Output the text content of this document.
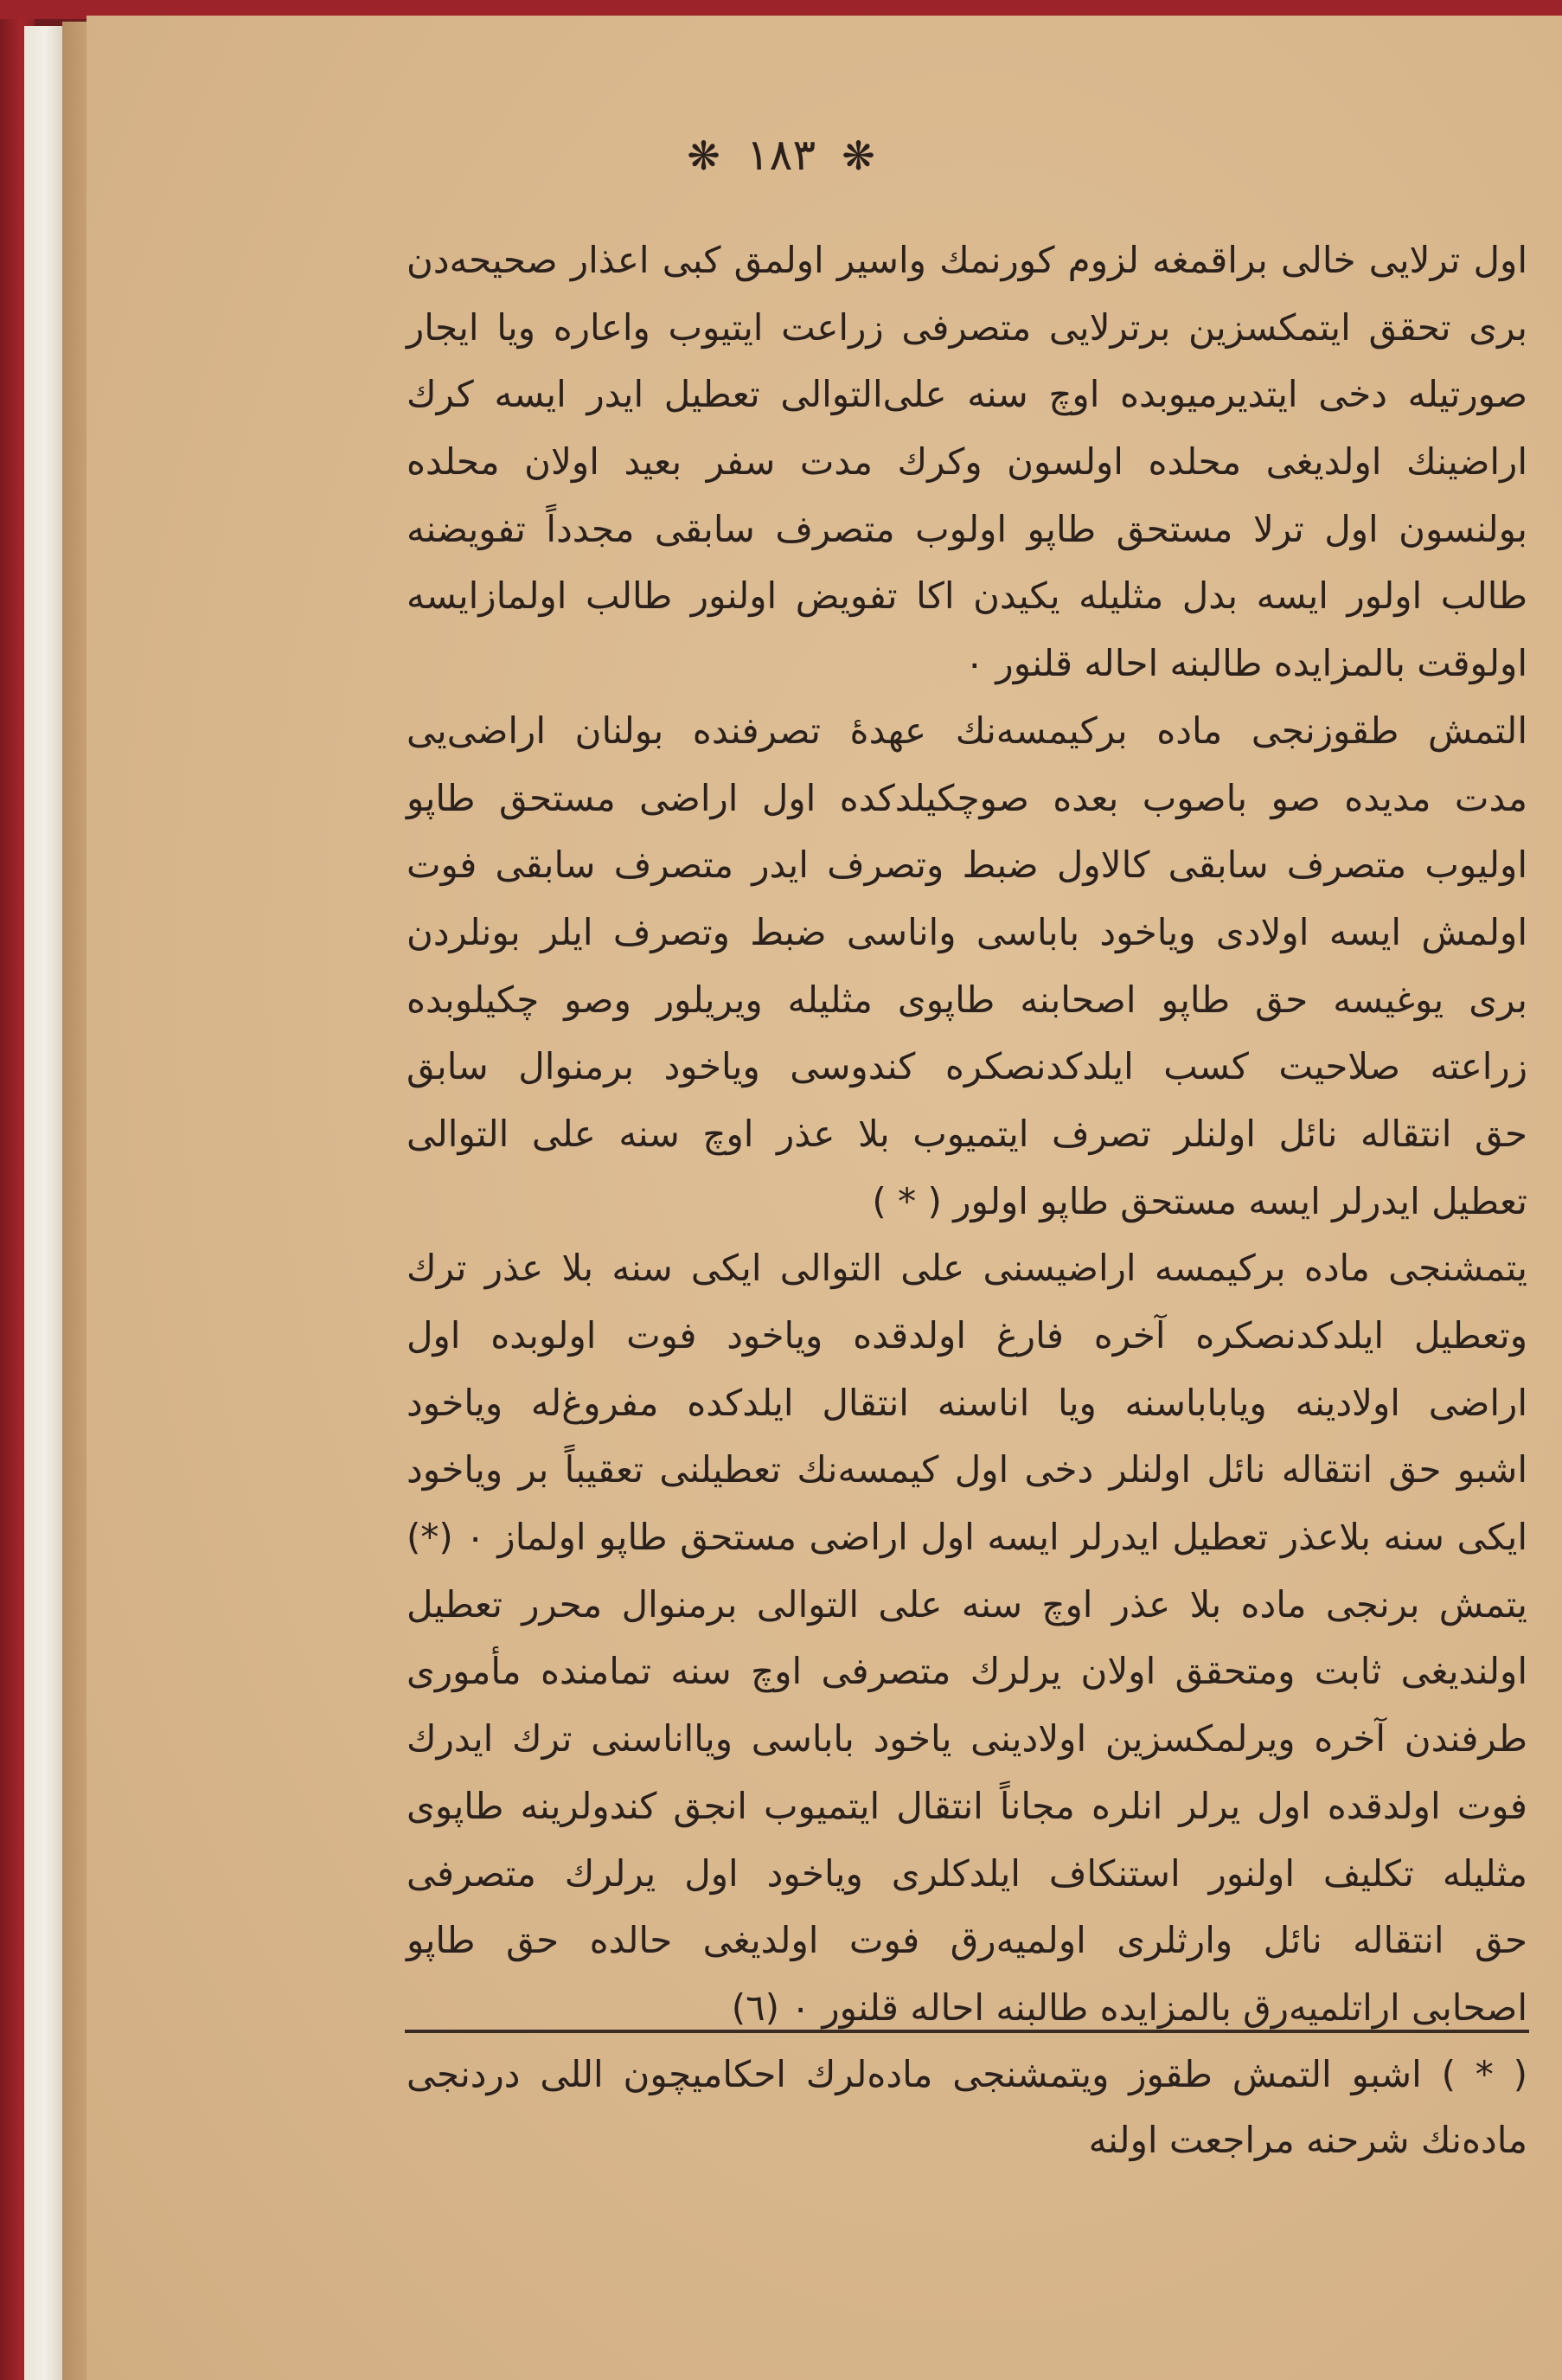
❋ ١٨٣ ❋
اول ترلایی خالی براقمغه لزوم کورنمك واسیر اولمق کبی اعذار صحیحه‌دن
بری تحقق ایتمکسزین برترلایی متصرفی زراعت ایتیوب واعاره ویا ایجار
صورتیله دخی ایتدیرمیوبده اوچ سنه علی‌التوالی تعطیل ایدر ایسه کرك
اراضینك اولدیغی محلده اولسون وکرك مدت سفر بعید اولان محلده
بولنسون اول ترلا مستحق طاپو اولوب متصرف سابقی مجدداً تفویضنه
طالب اولور ایسه بدل مثلیله یکیدن اکا تفویض اولنور طالب اولمازایسه
اولوقت بالمزایده طالبنه احاله قلنور ۰
التمش طقوزنجی ماده برکیمسه‌نك عهدهٔ تصرفنده بولنان اراضی‌یی
مدت مدیده صو باصوب بعده صوچکیلدکده اول اراضی مستحق طاپو
اولیوب متصرف سابقی کالاول ضبط وتصرف ایدر متصرف سابقی فوت
اولمش ایسه اولادی ویاخود باباسی واناسی ضبط وتصرف ایلر بونلردن
بری یوغیسه حق طاپو اصحابنه طاپوی مثلیله ویریلور وصو چکیلوبده
زراعته صلاحیت کسب ایلدکدنصکره کندوسی ویاخود برمنوال سابق
حق انتقاله نائل اولنلر تصرف ایتمیوب بلا عذر اوچ سنه علی التوالی
تعطیل ایدرلر ایسه مستحق طاپو اولور ( * )
یتمشنجی ماده برکیمسه اراضیسنی علی التوالی ایکی سنه بلا عذر ترك
وتعطیل ایلدکدنصکره آخره فارغ اولدقده ویاخود فوت اولوبده اول
اراضی اولادینه ویاباباسنه ویا اناسنه انتقال ایلدکده مفروغ‌له ویاخود
اشبو حق انتقاله نائل اولنلر دخی اول کیمسه‌نك تعطیلنی تعقیباً بر ویاخود
ایکی سنه بلاعذر تعطیل ایدرلر ایسه اول اراضی مستحق طاپو اولماز ۰ (*)
یتمش برنجی ماده بلا عذر اوچ سنه علی التوالی برمنوال محرر تعطیل
اولندیغی ثابت ومتحقق اولان یرلرك متصرفی اوچ سنه تمامنده مأموری
طرفندن آخره ویرلمکسزین اولادینی یاخود باباسی ویااناسنی ترك ایدرك
فوت اولدقده اول یرلر انلره مجاناً انتقال ایتمیوب انجق کندولرینه طاپوی
مثلیله تکلیف اولنور استنکاف ایلدکلری ویاخود اول یرلرك متصرفی
حق انتقاله نائل وارثلری اولمیه‌رق فوت اولدیغی حالده حق طاپو
اصحابی اراتلمیه‌رق بالمزایده طالبنه احاله قلنور ۰ (٦)
( * ) اشبو التمش طقوز ویتمشنجی ماده‌لرك احکامیچون اللی دردنجی
ماده‌نك شرحنه مراجعت اولنه
